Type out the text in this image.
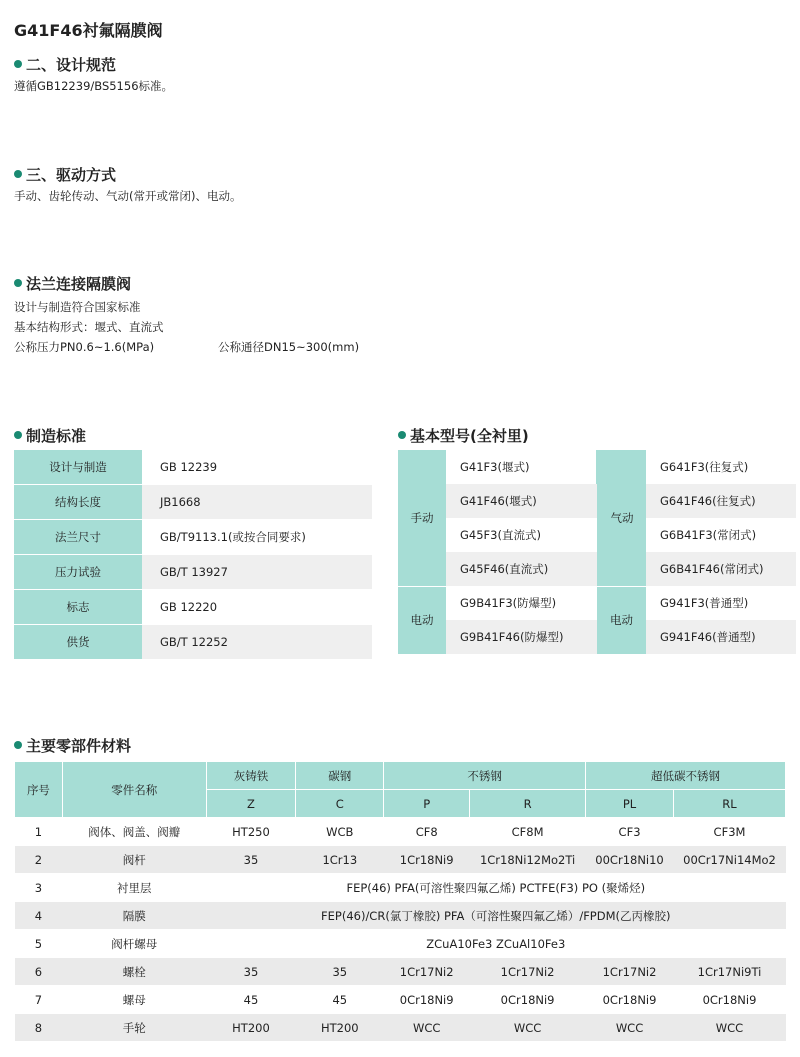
G41F46衬氟隔膜阀
二、设计规范
遵循GB12239/BS5156标准。
三、驱动方式
手动、齿轮传动、气动(常开或常闭)、电动。
法兰连接隔膜阀
设计与制造符合国家标准
基本结构形式：堰式、直流式
公称压力PN0.6~1.6(MPa)	公称通径DN15~300(mm)
制造标准
设计与制造	GB 12239
结构长度	JB1668
法兰尺寸	GB/T9113.1(或按合同要求)
压力试验	GB/T 13927
标志	GB 12220
供货	GB/T 12252
基本型号(全衬里)
手动	G41F3(堰式)	气动	G641F3(往复式)
	G41F46(堰式)		G641F46(往复式)
	G45F3(直流式)		G6B41F3(常闭式)
	G45F46(直流式)		G6B41F46(常闭式)
电动	G9B41F3(防爆型)	电动	G941F3(普通型)
	G9B41F46(防爆型)		G941F46(普通型)
主要零部件材料
序号	零件名称	灰铸铁	碳钢	不锈钢		超低碳不锈钢	
		Z	C	P	R	PL	RL
1	阀体、阀盖、阀瓣	HT250	WCB	CF8	CF8M	CF3	CF3M
2	阀杆	35	1Cr13	1Cr18Ni9	1Cr18Ni12Mo2Ti	00Cr18Ni10	00Cr17Ni14Mo2
3	衬里层	FEP(46) PFA(可溶性聚四氟乙烯) PCTFE(F3) PO (聚烯烃)					
4	隔膜	FEP(46)/CR(氯丁橡胶) PFA（可溶性聚四氟乙烯）/FPDM(乙丙橡胶)					
5	阀杆螺母	ZCuA10Fe3 ZCuAl10Fe3					
6	螺栓	35	35	1Cr17Ni2	1Cr17Ni2	1Cr17Ni2	1Cr17Ni9Ti
7	螺母	45	45	0Cr18Ni9	0Cr18Ni9	0Cr18Ni9	0Cr18Ni9
8	手轮	HT200	HT200	WCC	WCC	WCC	WCC
